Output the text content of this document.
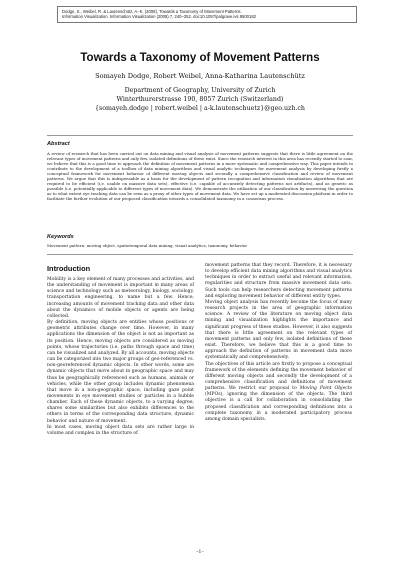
Dodge, S., Weibel, R. & Lautenschütz, A.-K. (2008). Towards a Taxonomy of Movement Patterns.
Information Visualization. Information Visualization (2008) 7, 240–252. doi:10.1057/palgrave.ivs.9500182
Towards a Taxonomy of Movement Patterns
Somayeh Dodge, Robert Weibel, Anna-Katharina Lautenschütz
Department of Geography, University of Zurich
Winterthurerstrasse 190, 8057 Zurich (Switzerland)
{somayeh.dodge | robert.weibel | a-k.lautenschuetz}@geo.uzh.ch
Abstract
A review of research that has been carried out on data mining and visual analysis of movement patterns suggests that there is little agreement on the relevant types of movement patterns and only few, isolated definitions of these exist. Since the research interest in this area has recently started to soar, we believe that this is a good time to approach the definition of movement patterns in a more systematic and comprehensive way. This paper intends to contribute to the development of a toolbox of data mining algorithms and visual analytic techniques for movement analysis by developing firstly a conceptual framework for movement behavior of different moving objects and secondly a comprehensive classification and review of movement patterns. We argue that this is indispensable as a basis for the development of pattern recognition and information visualization algorithms that are required to be efficient (i.e. usable on massive data sets), effective (i.e. capable of accurately detecting patterns not artifacts), and as generic as possible (i.e. potentially applicable to different types of movement data). We demonstrate the utilization of our classification by answering the question as to what extent eye tracking data can be seen as a proxy of other types of movement data. We have set up a moderated discussion platform in order to facilitate the further evolution of our proposed classification towards a consolidated taxonomy in a consensus process.
Keywords
Movement pattern, moving object, spatiotemporal data mining, visual analytics, taxonomy, behavior
Introduction

Mobility is a key element of many processes and activities, and the understanding of movement is important in many areas of science and technology such as meteorology, biology, sociology, transportation engineering, to name but a few. Hence, increasing amounts of movement tracking data and other data about the dynamics of mobile objects or agents are being collected.

By definition, moving objects are entities whose positions or geometric attributes change over time. However, in many applications the dimension of the object is not as important as its position. Hence, moving objects are considered as moving points, whose trajectories (i.e. paths through space and time) can be visualized and analyzed. By all accounts, moving objects can be categorized into two major groups of geo-referenced vs. non-georeferenced dynamic objects. In other words, some are dynamic objects that move about in geographic space and may thus be geographically referenced such as humans, animals or vehicles, while the other group includes dynamic phenomena that move in a non-geographic space, including gaze point movements in eye movement studies or particles in a bubble chamber. Each of these dynamic objects, to a varying degree, shares some similarities but also exhibits differences to the others in terms of the corresponding data structure, dynamic behavior and nature of movement.

In most cases, moving object data sets are rather large in volume and complex in the structure of

movement patterns that they record. Therefore, it is necessary to develop efficient data mining algorithms and visual analytics techniques in order to extract useful and relevant information, regularities and structure from massive movement data sets. Such tools can help researchers detecting movement patterns and exploring movement behavior of different entity types.

Moving object analysis has recently become the focus of many research projects in the area of geographic information science. A review of the literature on moving object data mining and visualization highlights the importance and significant progress of these studies. However, it also suggests that there is little agreement on the relevant types of movement patterns and only few, isolated definitions of these exist. Therefore, we believe that this is a good time to approach the definition of patterns in movement data more systematically and comprehensively.

The objectives of this article are firstly to propose a conceptual framework of the elements defining the movement behavior of different moving objects and secondly the development of a comprehensive classification and definitions of movement patterns. We restrict our proposal to Moving Point Objects (MPOs), ignoring the dimension of the objects. The third objective is a call for collaboration in consolidating the proposed classification and corresponding definitions into a complete taxonomy in a moderated participatory process among domain specialists.

–1–
